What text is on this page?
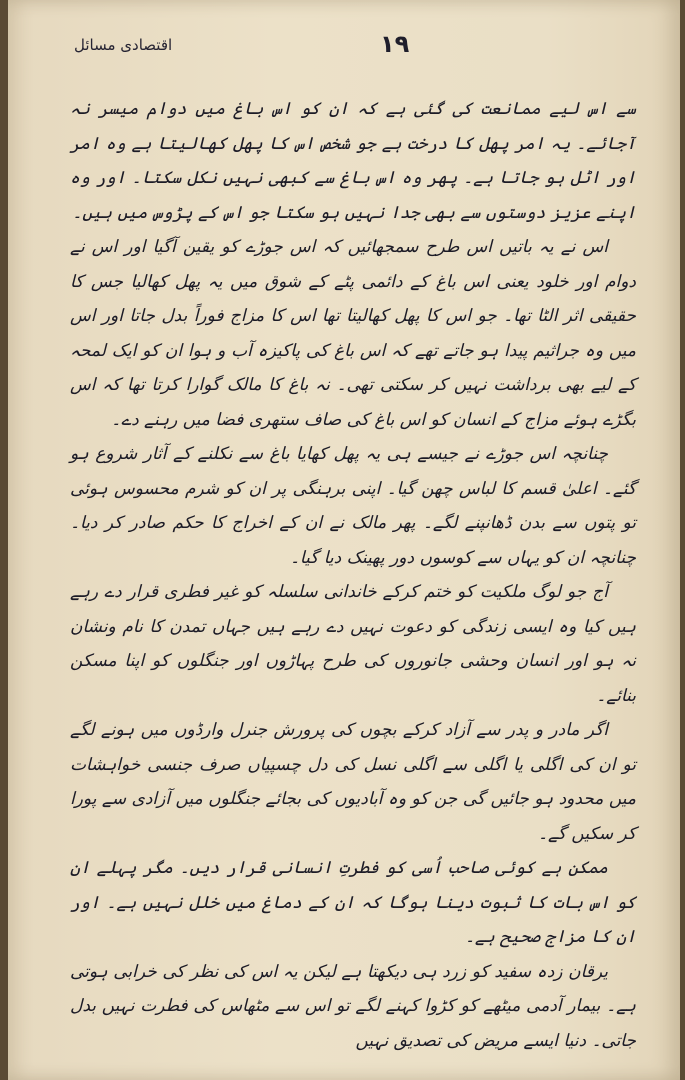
اقتصادی مسائل	١٩

سے اس لیے ممانعت کی گئی ہے کہ ان کو اس باغ میں دوام میسر نہ آجائے۔ یہ امر پھل کا درخت ہے جو شخص اس کا پھل کھالیتا ہے وہ امر اور اٹل ہو جاتا ہے۔ پھر وہ اس باغ سے کبھی نہیں نکل سکتا۔ اور وہ اپنے عزیز دوستوں سے بھی جدا نہیں ہو سکتا جو اس کے پڑوس میں ہیں۔

اس نے یہ باتیں اس طرح سمجھائیں کہ اس جوڑے کو یقین آگیا اور اس نے دوام اور خلود یعنی اس باغ کے دائمی پٹے کے شوق میں یہ پھل کھالیا جس کا حقیقی اثر الٹا تھا۔ جو اس کا پھل کھالیتا تھا اس کا مزاج فوراً بدل جاتا اور اس میں وہ جراثیم پیدا ہو جاتے تھے کہ اس باغ کی پاکیزہ آب و ہوا ان کو ایک لمحہ کے لیے بھی برداشت نہیں کر سکتی تھی۔ نہ باغ کا مالک گوارا کرتا تھا کہ اس بگڑے ہوئے مزاج کے انسان کو اس باغ کی صاف ستھری فضا میں رہنے دے۔

چنانچہ اس جوڑے نے جیسے ہی یہ پھل کھایا باغ سے نکلنے کے آثار شروع ہو گئے۔ اعلیٰ قسم کا لباس چھن گیا۔ اپنی برہنگی پر ان کو شرم محسوس ہوئی تو پتوں سے بدن ڈھانپنے لگے۔ پھر مالک نے ان کے اخراج کا حکم صادر کر دیا۔ چنانچہ ان کو یہاں سے کوسوں دور پھینک دیا گیا۔

آج جو لوگ ملکیت کو ختم کرکے خاندانی سلسلہ کو غیر فطری قرار دے رہے ہیں کیا وہ ایسی زندگی کو دعوت نہیں دے رہے ہیں جہاں تمدن کا نام ونشان نہ ہو اور انسان وحشی جانوروں کی طرح پہاڑوں اور جنگلوں کو اپنا مسکن بنائے۔

اگر مادر و پدر سے آزاد کرکے بچوں کی پرورش جنرل وارڈوں میں ہونے لگے تو ان کی اگلی یا اگلی سے اگلی نسل کی دل چسپیاں صرف جنسی خواہشات میں محدود ہو جائیں گی جن کو وہ آبادیوں کی بجائے جنگلوں میں آزادی سے پورا کر سکیں گے۔

ممکن ہے کوئی صاحب اُسی کو فطرتِ انسانی قرار دیں۔ مگر پہلے ان کو اس بات کا ثبوت دینا ہوگا کہ ان کے دماغ میں خلل نہیں ہے۔ اور ان کا مزاج صحیح ہے۔

یرقان زدہ سفید کو زرد ہی دیکھتا ہے لیکن یہ اس کی نظر کی خرابی ہوتی ہے۔ بیمار آدمی میٹھے کو کڑوا کہنے لگے تو اس سے مٹھاس کی فطرت نہیں بدل جاتی۔ دنیا ایسے مریض کی تصدیق نہیں
